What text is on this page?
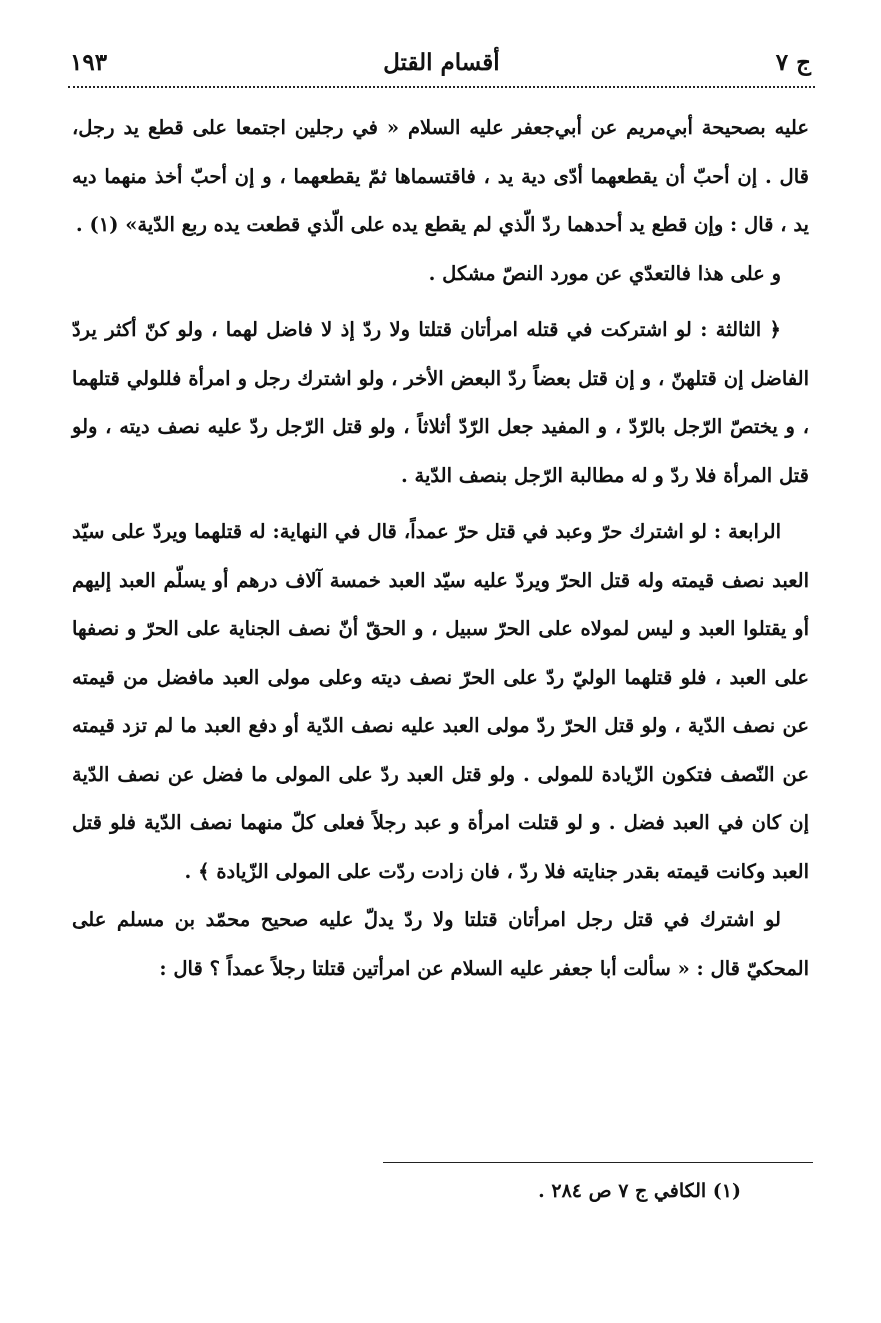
ج ٧
أقسام القتل
١٩٣

عليه بصحيحة أبي‌مريم عن أبي‌جعفر عليه السلام « في رجلين اجتمعا على قطع يد رجل، قال . إن أحبّ أن يقطعهما أدّى دية يد ، فاقتسماها ثمّ يقطعهما ، و إن أحبّ أخذ منهما ديه يد ، قال : وإن قطع يد أحدهما ردّ الّذي لم يقطع يده على الّذي قطعت يده ربع الدّية» (١) .

و على هذا فالتعدّي عن مورد النصّ مشكل .

﴿ الثالثة : لو اشتركت في قتله امرأتان قتلتا ولا ردّ إذ لا فاضل لهما ، ولو كنّ أكثر يردّ الفاضل إن قتلهنّ ، و إن قتل بعضاً ردّ البعض الأخر ، ولو اشترك رجل و امرأة فللولي قتلهما ، و يختصّ الرّجل بالرّدّ ، و المفيد جعل الرّدّ أثلاثاً ، ولو قتل الرّجل ردّ عليه نصف ديته ، ولو قتل المرأة فلا ردّ و له مطالبة الرّجل بنصف الدّية .

الرابعة : لو اشترك حرّ وعبد في قتل حرّ عمداً، قال في النهاية: له قتلهما ويردّ على سيّد العبد نصف قيمته وله قتل الحرّ ويردّ عليه سيّد العبد خمسة آلاف درهم أو يسلّم العبد إليهم أو يقتلوا العبد و ليس لمولاه على الحرّ سبيل ، و الحقّ أنّ نصف الجناية على الحرّ و نصفها على العبد ، فلو قتلهما الوليّ ردّ على الحرّ نصف ديته وعلى مولى العبد مافضل من قيمته عن نصف الدّية ، ولو قتل الحرّ ردّ مولى العبد عليه نصف الدّية أو دفع العبد ما لم تزد قيمته عن النّصف فتكون الزّيادة للمولى . ولو قتل العبد ردّ على المولى ما فضل عن نصف الدّية إن كان في العبد فضل . و لو قتلت امرأة و عبد رجلاً فعلى كلّ منهما نصف الدّية فلو قتل العبد وكانت قيمته بقدر جنايته فلا ردّ ، فان زادت ردّت على المولى الزّيادة ﴾ .

لو اشترك في قتل رجل امرأتان قتلتا ولا ردّ يدلّ عليه صحيح محمّد بن مسلم على المحكيّ قال : « سألت أبا جعفر عليه السلام عن امرأتين قتلتا رجلاً عمداً ؟ قال :

(١) الكافي ج ٧ ص ٢٨٤ .
